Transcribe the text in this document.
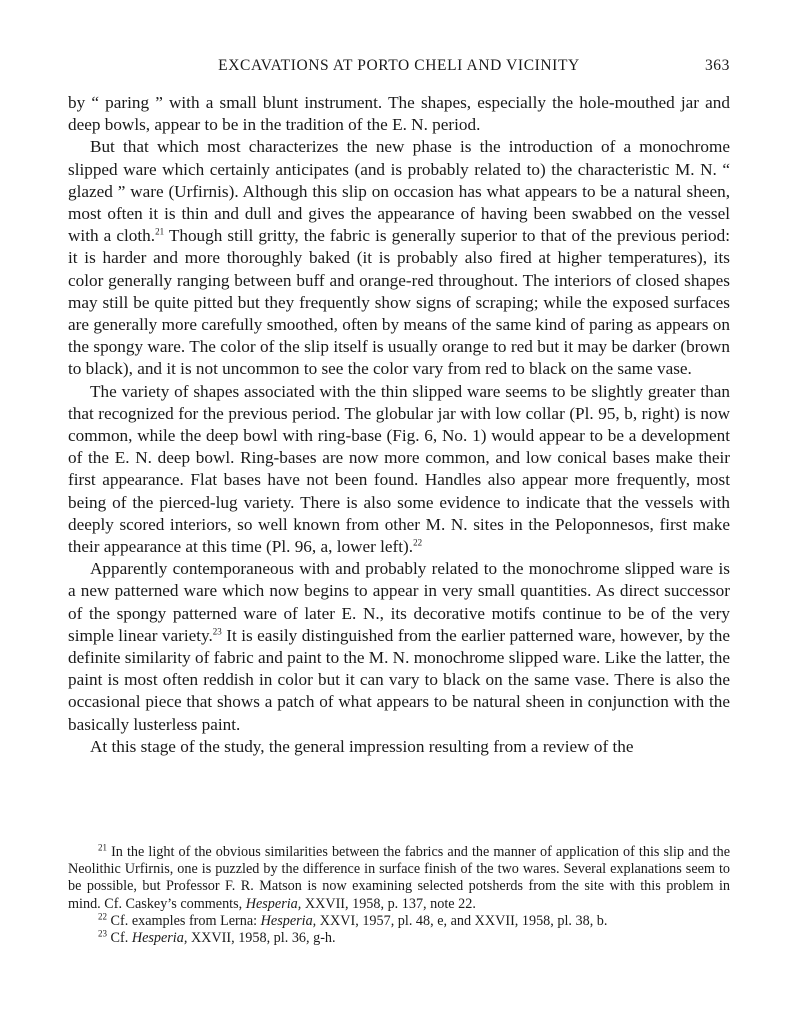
EXCAVATIONS AT PORTO CHELI AND VICINITY	363

by “ paring ” with a small blunt instrument. The shapes, especially the hole-mouthed jar and deep bowls, appear to be in the tradition of the E. N. period.

But that which most characterizes the new phase is the introduction of a monochrome slipped ware which certainly anticipates (and is probably related to) the characteristic M. N. “ glazed ” ware (Urfirnis). Although this slip on occasion has what appears to be a natural sheen, most often it is thin and dull and gives the appearance of having been swabbed on the vessel with a cloth.$^{21}$ Though still gritty, the fabric is generally superior to that of the previous period: it is harder and more thoroughly baked (it is probably also fired at higher temperatures), its color generally ranging between buff and orange-red throughout. The interiors of closed shapes may still be quite pitted but they frequently show signs of scraping; while the exposed surfaces are generally more carefully smoothed, often by means of the same kind of paring as appears on the spongy ware. The color of the slip itself is usually orange to red but it may be darker (brown to black), and it is not uncommon to see the color vary from red to black on the same vase.

The variety of shapes associated with the thin slipped ware seems to be slightly greater than that recognized for the previous period. The globular jar with low collar (Pl. 95, b, right) is now common, while the deep bowl with ring-base (Fig. 6, No. 1) would appear to be a development of the E. N. deep bowl. Ring-bases are now more common, and low conical bases make their first appearance. Flat bases have not been found. Handles also appear more frequently, most being of the pierced-lug variety. There is also some evidence to indicate that the vessels with deeply scored interiors, so well known from other M. N. sites in the Peloponnesos, first make their appearance at this time (Pl. 96, a, lower left).$^{22}$

Apparently contemporaneous with and probably related to the monochrome slipped ware is a new patterned ware which now begins to appear in very small quantities. As direct successor of the spongy patterned ware of later E. N., its decorative motifs continue to be of the very simple linear variety.$^{23}$ It is easily distinguished from the earlier patterned ware, however, by the definite similarity of fabric and paint to the M. N. monochrome slipped ware. Like the latter, the paint is most often reddish in color but it can vary to black on the same vase. There is also the occasional piece that shows a patch of what appears to be natural sheen in conjunction with the basically lusterless paint.

At this stage of the study, the general impression resulting from a review of the

$^{21}$ In the light of the obvious similarities between the fabrics and the manner of application of this slip and the Neolithic Urfirnis, one is puzzled by the difference in surface finish of the two wares. Several explanations seem to be possible, but Professor F. R. Matson is now examining selected potsherds from the site with this problem in mind. Cf. Caskey’s comments, Hesperia, XXVII, 1958, p. 137, note 22.

$^{22}$ Cf. examples from Lerna: Hesperia, XXVI, 1957, pl. 48, e, and XXVII, 1958, pl. 38, b.

$^{23}$ Cf. Hesperia, XXVII, 1958, pl. 36, g-h.
